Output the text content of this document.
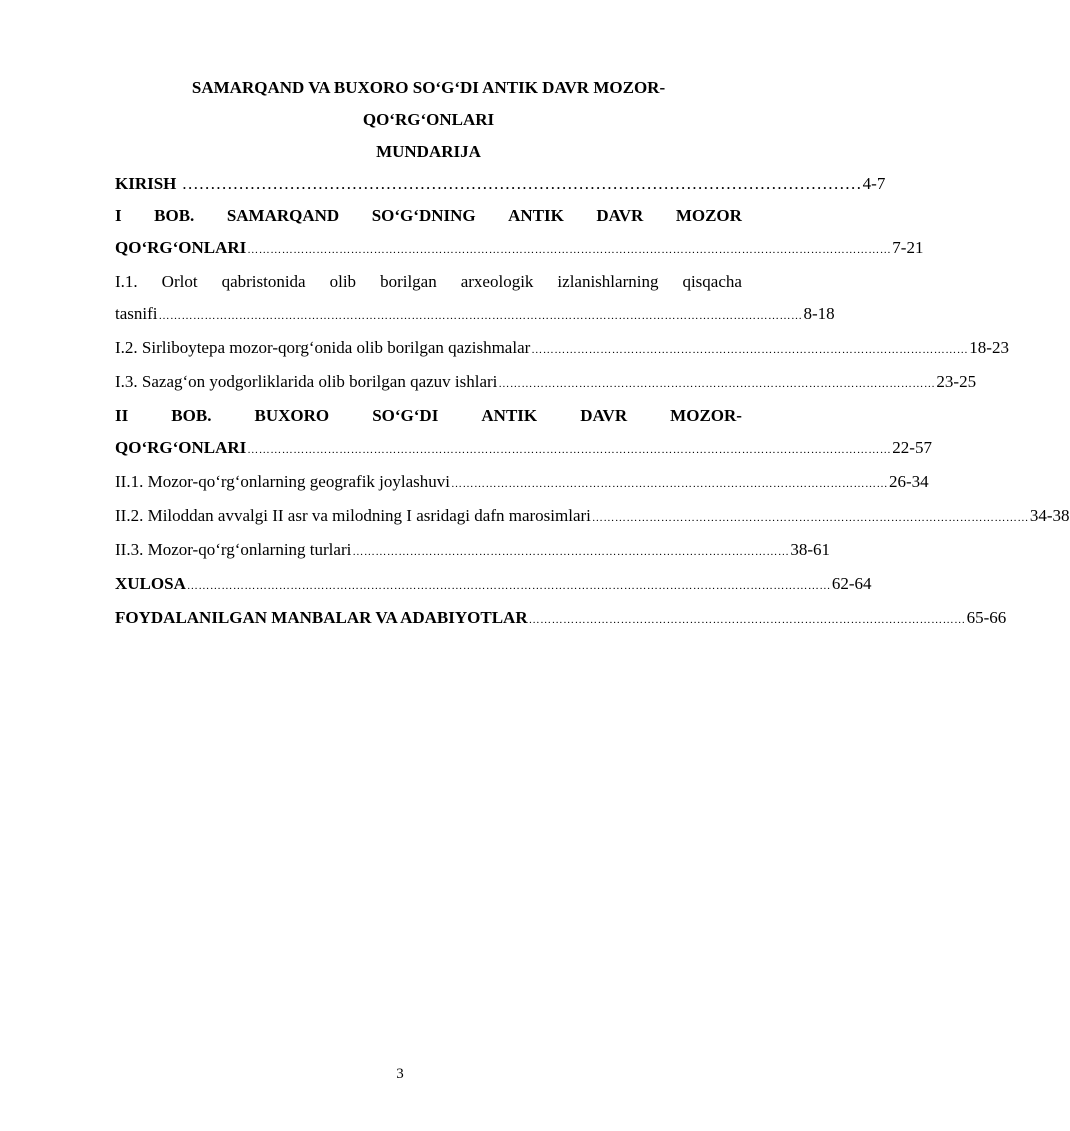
SAMARQAND VA BUXORO SO‘G‘DI ANTIK DAVR MOZOR-
QO‘RG‘ONLARI
MUNDARIJA
KIRISH ………………………………………………………………………………………………………… 4-7
I BOB. SAMARQAND SO‘G‘DNING ANTIK DAVR MOZOR
QO‘RG‘ONLARI …………………………………………………………………………………………………………………………………………………… 7-21
I.1. Orlot qabristonida olib borilgan arxeologik izlanishlarning qisqacha
tasnifi …………………………………………………………………………………………………………………………………………………… 8-18
I.2. Sirliboytepa mozor-qorg‘onida olib borilgan qazishmalar …………………………………………………………………………………………………… 18-23
I.3. Sazag‘on yodgorliklarida olib borilgan qazuv ishlari …………………………………………………………………………………………………… 23-25
II	BOB.	BUXORO	SO‘G‘DI	ANTIK	DAVR	MOZOR-
QO‘RG‘ONLARI …………………………………………………………………………………………………………………………………………………… 22-57
II.1. Mozor-qo‘rg‘onlarning geografik joylashuvi …………………………………………………………………………………………………… 26-34
II.2. Miloddan avvalgi II asr va milodning I asridagi dafn marosimlari …………………………………………………………………………………………………… 34-38
II.3. Mozor-qo‘rg‘onlarning turlari …………………………………………………………………………………………………… 38-61
XULOSA …………………………………………………………………………………………………………………………………………………… 62-64
FOYDALANILGAN MANBALAR VA ADABIYOTLAR …………………………………………………………………………………………………… 65-66
3
